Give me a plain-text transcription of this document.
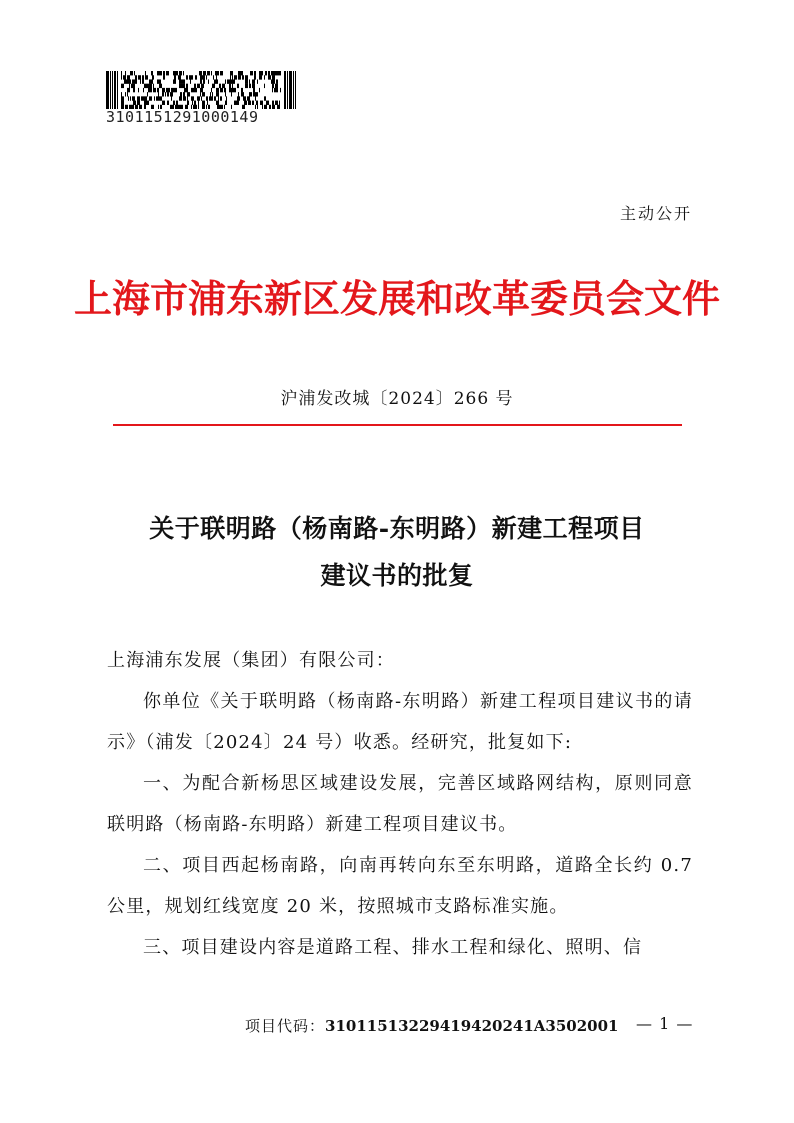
3101151291000149
主动公开
上海市浦东新区发展和改革委员会文件
沪浦发改城〔2024〕266 号
关于联明路（杨南路-东明路）新建工程项目
建议书的批复
上海浦东发展（集团）有限公司：
你单位《关于联明路（杨南路-东明路）新建工程项目建议书的请示》（浦发〔2024〕24 号）收悉。经研究，批复如下:
一、为配合新杨思区域建设发展，完善区域路网结构，原则同意联明路（杨南路-东明路）新建工程项目建议书。
二、项目西起杨南路，向南再转向东至东明路，道路全长约 0.7 公里，规划红线宽度 20 米，按照城市支路标准实施。
三、项目建设内容是道路工程、排水工程和绿化、照明、信
项目代码：31011513229419420241A3502001 — 1 —
